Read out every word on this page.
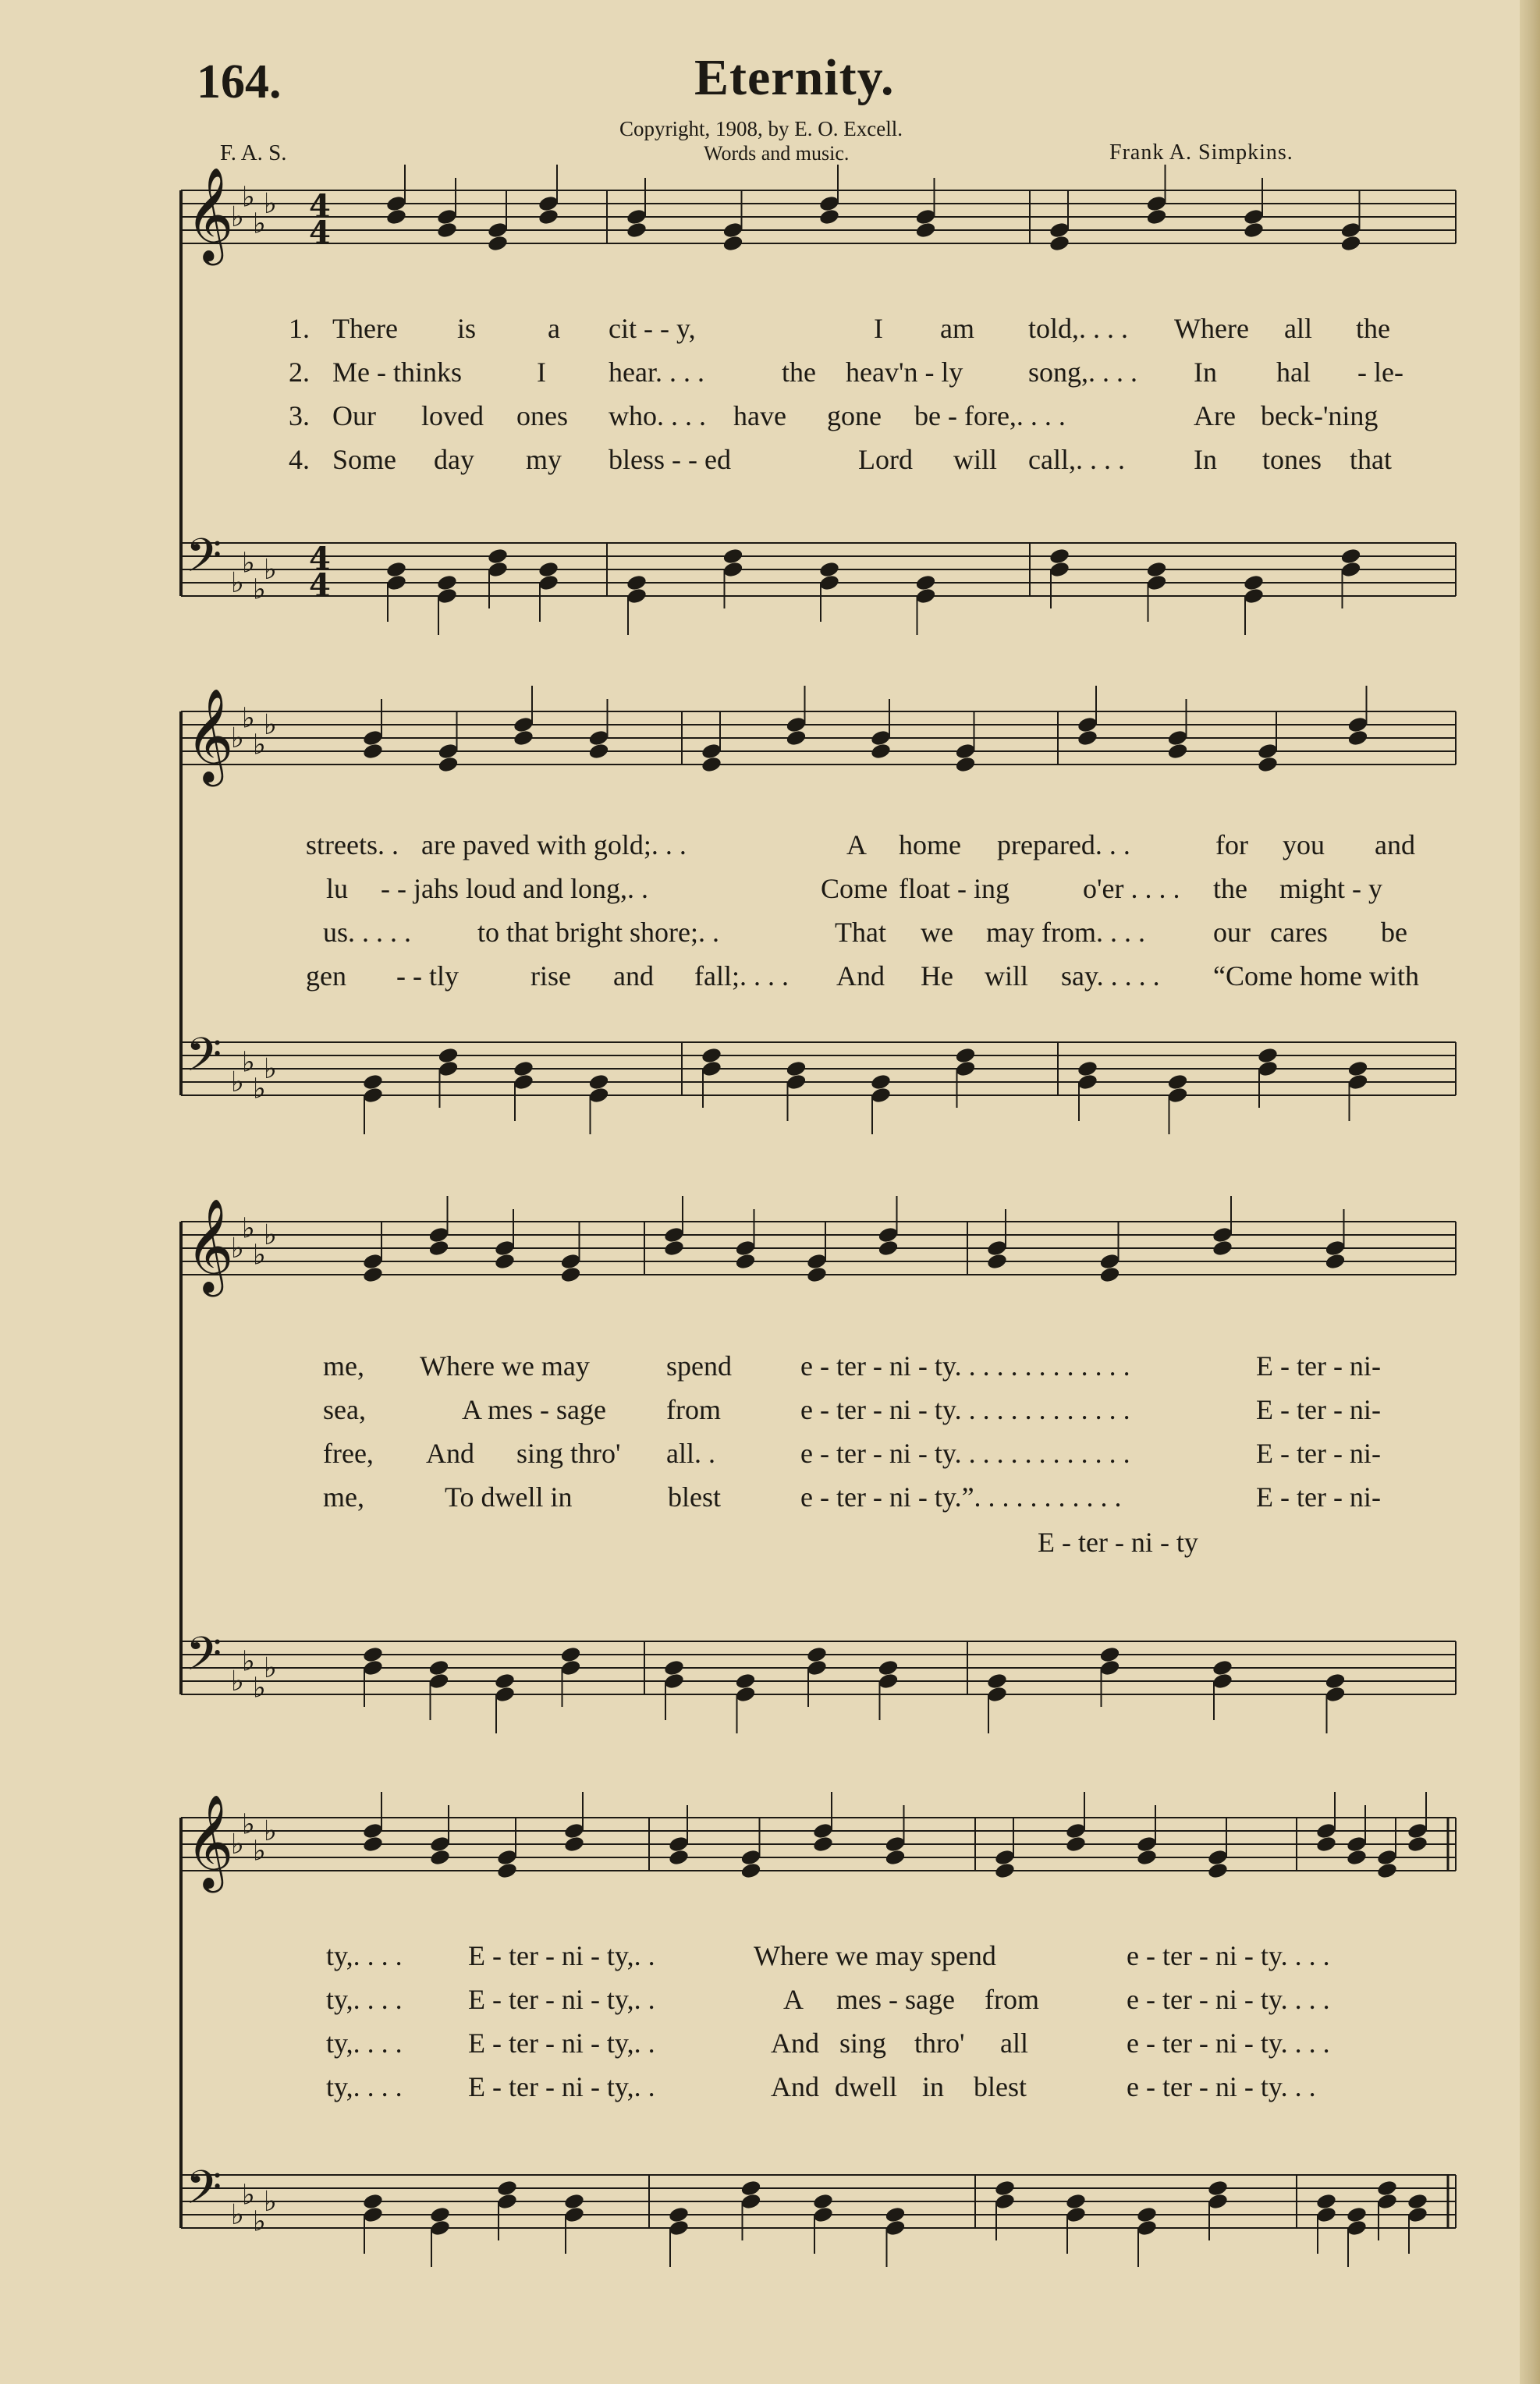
164.	Eternity.
Copyright, 1908, by E. O. Excell.
Words and music.
F. A. S.	Frank A. Simpkins.
𝄞
♭
♭
♭
♭
𝄢 ♭
♭
♭
♭
4
4
4
4
𝄞
♭
♭
♭
♭
𝄢 ♭
♭
♭
♭
𝄞
♭
♭
♭
♭
𝄢 ♭
♭
♭
♭
𝄞
♭
♭
♭
♭
𝄢 ♭
♭
♭
♭
1. There is	a cit - - y,	I am told,. . . . Where all the
2. Me - thinks	I hear. . . .	the heav'n - ly song,. . . . In hal - le-
3. Our loved ones who. . . . have gone be - fore,. . . .	Are beck-'ning
4. Some day my bless - - ed	Lord will call,. . . . In tones that
streets. . are paved with gold;. . .	A home prepared. . .	for you and
lu - - jahs loud and long,. .	Come float - ing	o'er . . . . the might - y
us. . . . . to that bright shore;. .	That we may from. . . . our cares be
gen - - tly	rise and fall;. . . . And He will say. . . . . “Come home with
me, Where we may	spend e - ter - ni - ty. . . . . . . . . . . . .	E - ter - ni-
sea,	A mes - sage from	e - ter - ni - ty. . . . . . . . . . . . .	E - ter - ni-
free, And sing thro' all. .	e - ter - ni - ty. . . . . . . . . . . . .	E - ter - ni-
me,	To dwell in	blest	e - ter - ni - ty.”. . . . . . . . . . .	E - ter - ni-
E - ter - ni - ty
ty,. . . . E - ter - ni - ty,. .	Where we may spend	e - ter - ni - ty. . . .
ty,. . . . E - ter - ni - ty,. .	A mes - sage from	e - ter - ni - ty. . . .
ty,. . . . E - ter - ni - ty,. .	And sing thro' all	e - ter - ni - ty. . . .
ty,. . . . E - ter - ni - ty,. .	And dwell in blest	e - ter - ni - ty. . .
